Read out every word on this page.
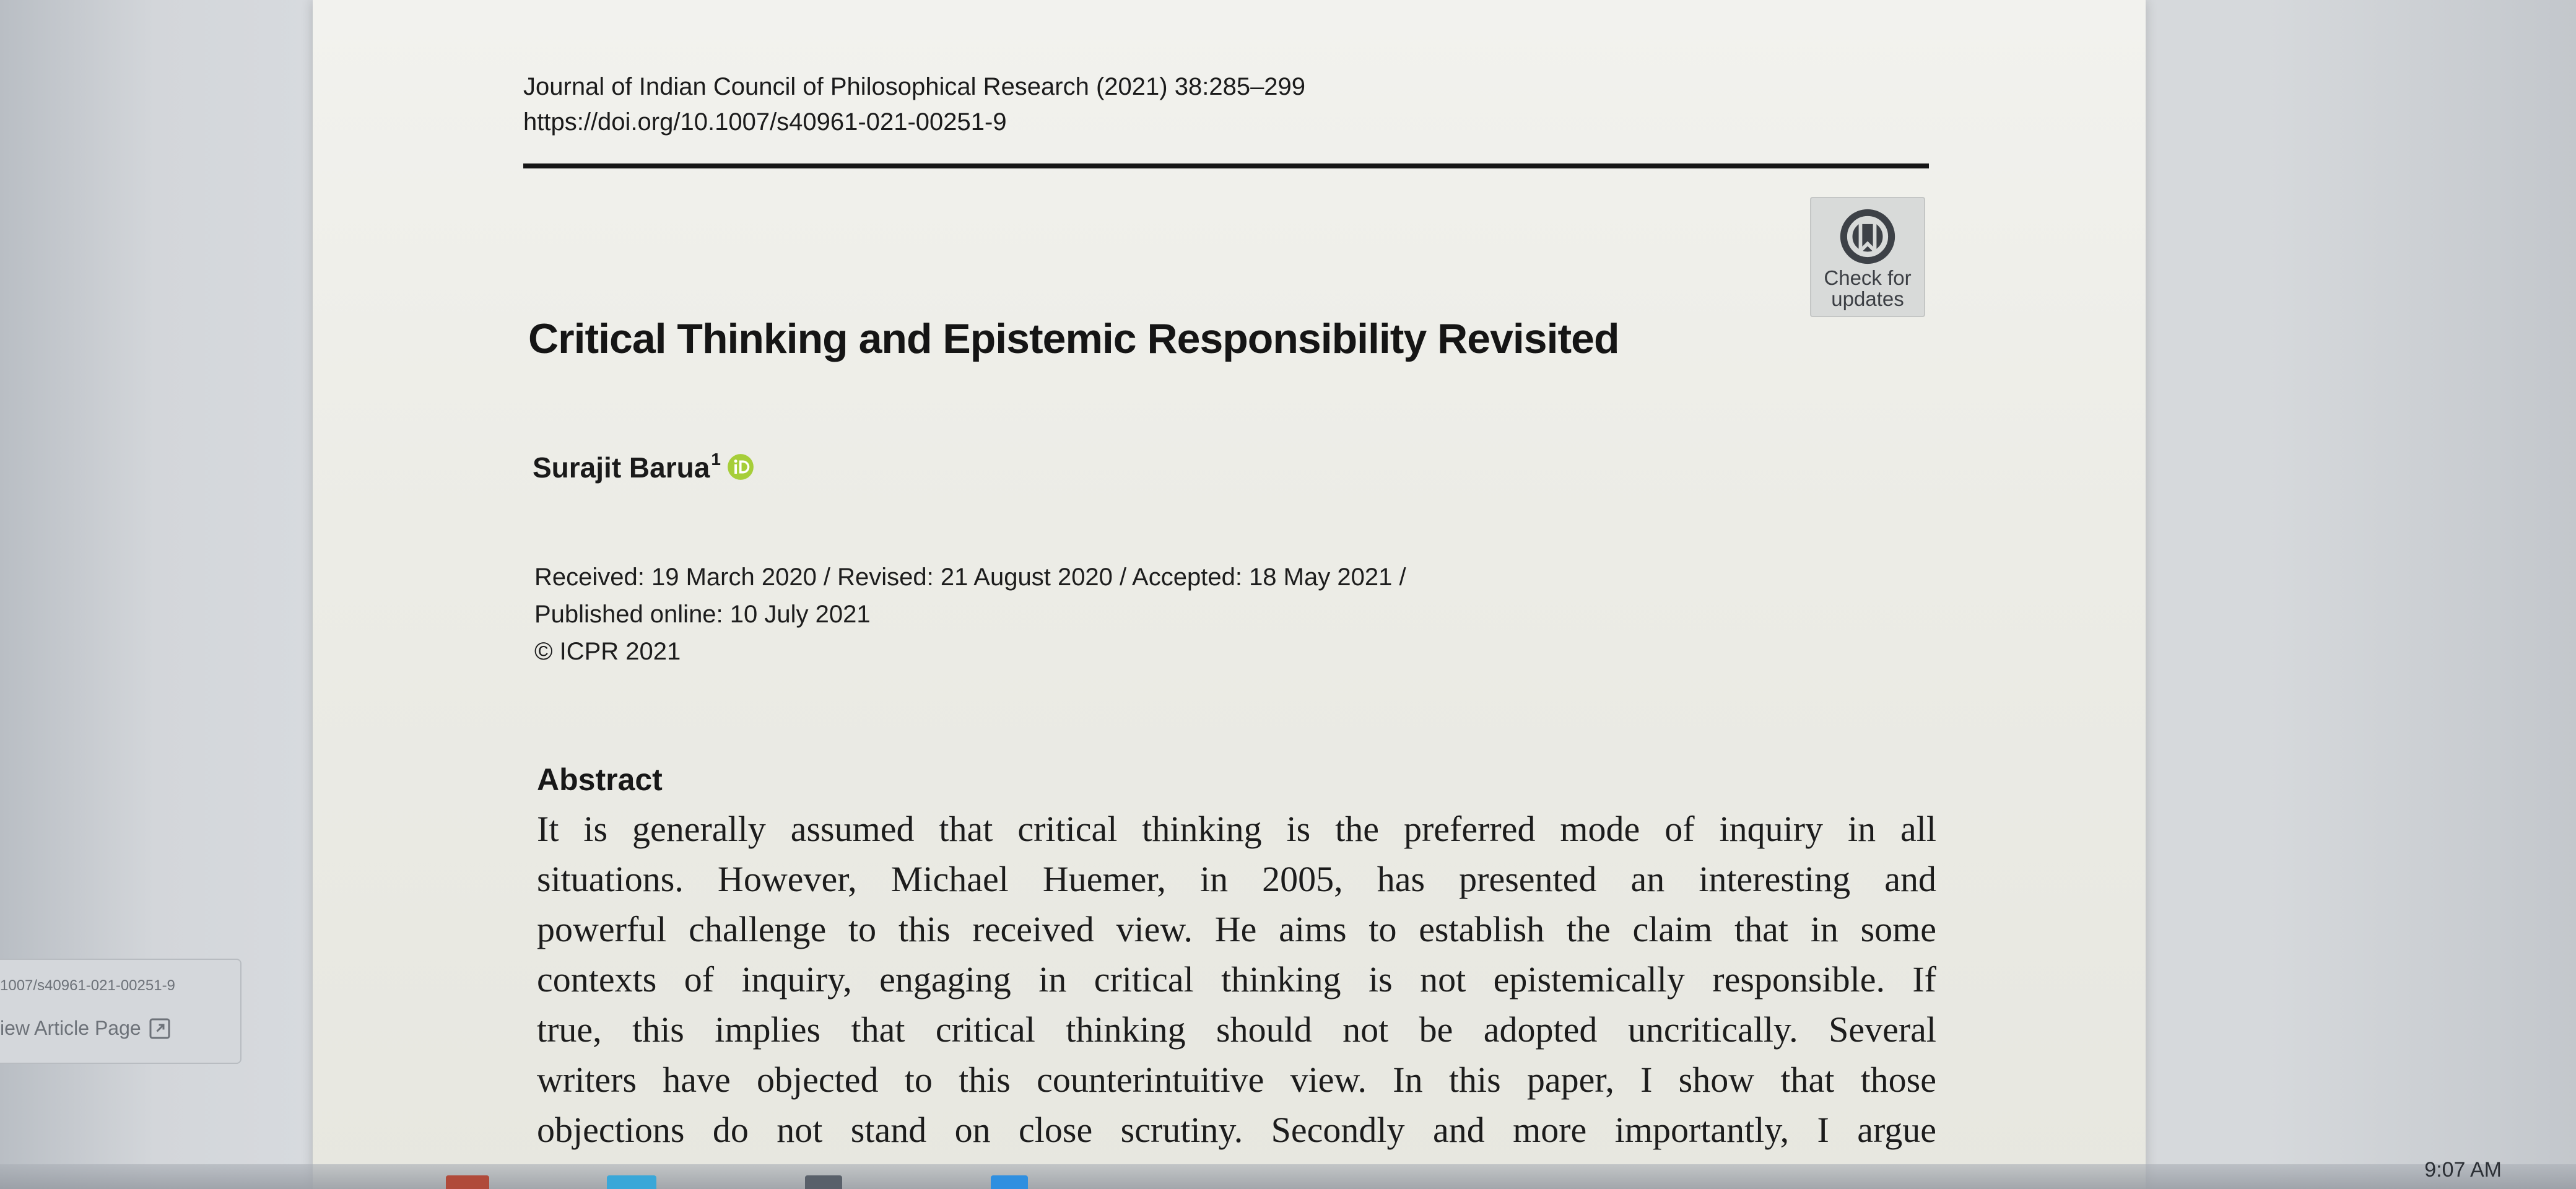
Journal of Indian Council of Philosophical Research (2021) 38:285–299
https://doi.org/10.1007/s40961-021-00251-9
Check for
updates
Critical Thinking and Epistemic Responsibility Revisited
Surajit Barua$^1$
Received: 19 March 2020 / Revised: 21 August 2020 / Accepted: 18 May 2021 /
Published online: 10 July 2021
© ICPR 2021
Abstract
It is generally assumed that critical thinking is the preferred mode of inquiry in all
situations. However, Michael Huemer, in 2005, has presented an interesting and
powerful challenge to this received view. He aims to establish the claim that in some
contexts of inquiry, engaging in critical thinking is not epistemically responsible. If
true, this implies that critical thinking should not be adopted uncritically. Several
writers have objected to this counterintuitive view. In this paper, I show that those
objections do not stand on close scrutiny. Secondly and more importantly, I argue
1007/s40961-021-00251-9
iew Article Page
9:07 AM
